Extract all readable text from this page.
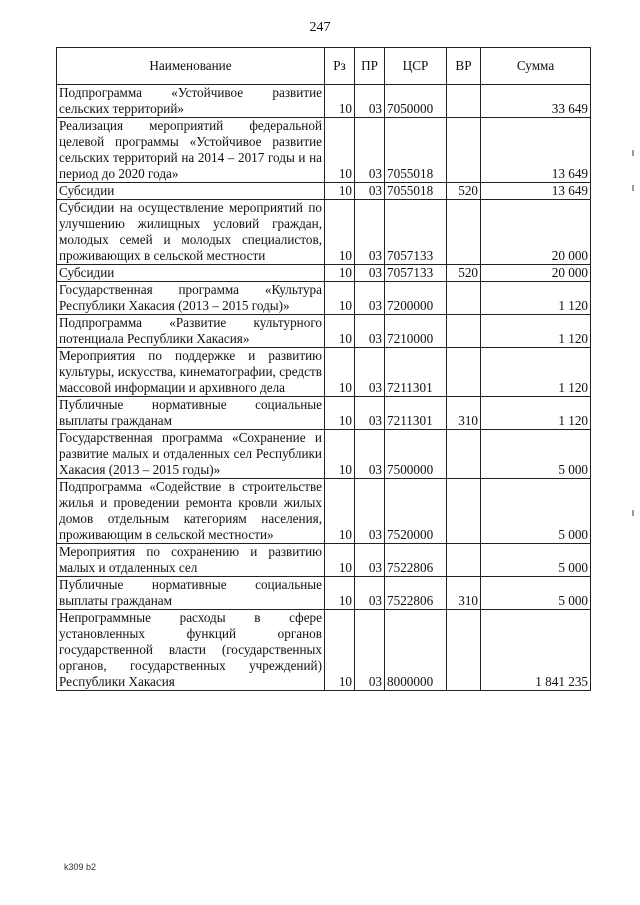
247
Наименование	Рз	ПР	ЦСР	ВР	Сумма
Подпрограмма «Устойчивое развитие сельских территорий»	10	03	7050000		33 649
Реализация мероприятий федеральной целевой программы «Устойчивое развитие сельских территорий на 2014 – 2017 годы и на период до 2020 года»	10	03	7055018		13 649
Субсидии	10	03	7055018	520	13 649
Субсидии на осуществление мероприятий по улучшению жилищных условий граждан, молодых семей и молодых специалистов, проживающих в сельской местности	10	03	7057133		20 000
Субсидии	10	03	7057133	520	20 000
Государственная программа «Культура Республики Хакасия (2013 – 2015 годы)»	10	03	7200000		1 120
Подпрограмма «Развитие культурного потенциала Республики Хакасия»	10	03	7210000		1 120
Мероприятия по поддержке и развитию культуры, искусства, кинематографии, средств массовой информации и архивного дела	10	03	7211301		1 120
Публичные нормативные социальные выплаты гражданам	10	03	7211301	310	1 120
Государственная программа «Сохранение и развитие малых и отдаленных сел Республики Хакасия (2013 – 2015 годы)»	10	03	7500000		5 000
Подпрограмма «Содействие в строительстве жилья и проведении ремонта кровли жилых домов отдельным категориям населения, проживающим в сельской местности»	10	03	7520000		5 000
Мероприятия по сохранению и развитию малых и отдаленных сел	10	03	7522806		5 000
Публичные нормативные социальные выплаты гражданам	10	03	7522806	310	5 000
Непрограммные расходы в сфере установленных функций органов государственной власти (государственных органов, государственных учреждений) Республики Хакасия	10	03	8000000		1 841 235
k309 b2
